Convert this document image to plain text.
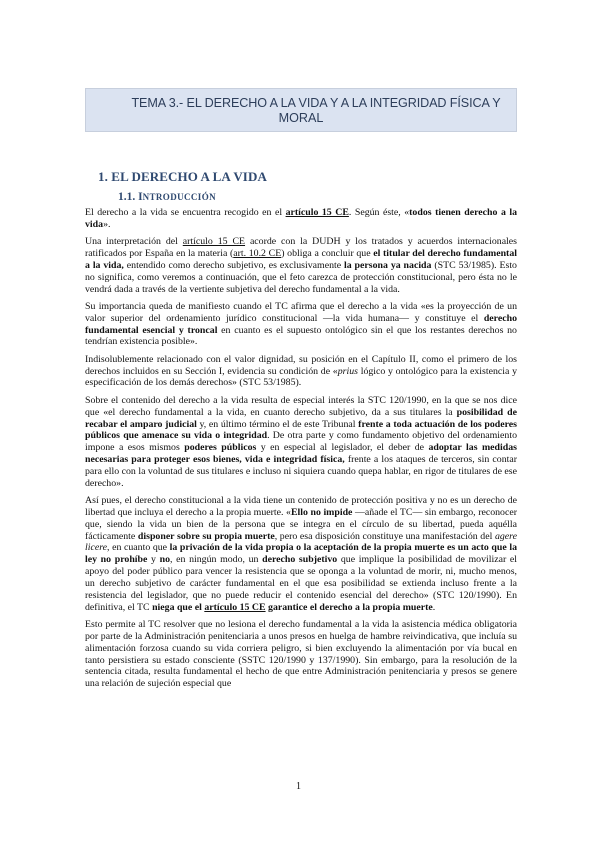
TEMA 3.- EL DERECHO A LA VIDA Y A LA INTEGRIDAD FÍSICA Y
MORAL
1. EL DERECHO A LA VIDA
1.1. INTRODUCCIÓN

El derecho a la vida se encuentra recogido en el artículo 15 CE. Según éste, «todos tienen derecho a la vida».

Una interpretación del artículo 15 CE acorde con la DUDH y los tratados y acuerdos internacionales ratificados por España en la materia (art. 10.2 CE) obliga a concluir que el titular del derecho fundamental a la vida, entendido como derecho subjetivo, es exclusivamente la persona ya nacida (STC 53/1985). Esto no significa, como veremos a continuación, que el feto carezca de protección constitucional, pero ésta no le vendrá dada a través de la vertiente subjetiva del derecho fundamental a la vida.

Su importancia queda de manifiesto cuando el TC afirma que el derecho a la vida «es la proyección de un valor superior del ordenamiento jurídico constitucional —la vida humana— y constituye el derecho fundamental esencial y troncal en cuanto es el supuesto ontológico sin el que los restantes derechos no tendrían existencia posible».

Indisolublemente relacionado con el valor dignidad, su posición en el Capítulo II, como el primero de los derechos incluidos en su Sección I, evidencia su condición de «prius lógico y ontológico para la existencia y especificación de los demás derechos» (STC 53/1985).

Sobre el contenido del derecho a la vida resulta de especial interés la STC 120/1990, en la que se nos dice que «el derecho fundamental a la vida, en cuanto derecho subjetivo, da a sus titulares la posibilidad de recabar el amparo judicial y, en último término el de este Tribunal frente a toda actuación de los poderes públicos que amenace su vida o integridad. De otra parte y como fundamento objetivo del ordenamiento impone a esos mismos poderes públicos y en especial al legislador, el deber de adoptar las medidas necesarias para proteger esos bienes, vida e integridad física, frente a los ataques de terceros, sin contar para ello con la voluntad de sus titulares e incluso ni siquiera cuando quepa hablar, en rigor de titulares de ese derecho».

Así pues, el derecho constitucional a la vida tiene un contenido de protección positiva y no es un derecho de libertad que incluya el derecho a la propia muerte. «Ello no impide —añade el TC— sin embargo, reconocer que, siendo la vida un bien de la persona que se integra en el círculo de su libertad, pueda aquélla fácticamente disponer sobre su propia muerte, pero esa disposición constituye una manifestación del agere licere, en cuanto que la privación de la vida propia o la aceptación de la propia muerte es un acto que la ley no prohíbe y no, en ningún modo, un derecho subjetivo que implique la posibilidad de movilizar el apoyo del poder público para vencer la resistencia que se oponga a la voluntad de morir, ni, mucho menos, un derecho subjetivo de carácter fundamental en el que esa posibilidad se extienda incluso frente a la resistencia del legislador, que no puede reducir el contenido esencial del derecho» (STC 120/1990). En definitiva, el TC niega que el artículo 15 CE garantice el derecho a la propia muerte.

Esto permite al TC resolver que no lesiona el derecho fundamental a la vida la asistencia médica obligatoria por parte de la Administración penitenciaria a unos presos en huelga de hambre reivindicativa, que incluía su alimentación forzosa cuando su vida corriera peligro, si bien excluyendo la alimentación por vía bucal en tanto persistiera su estado consciente (SSTC 120/1990 y 137/1990). Sin embargo, para la resolución de la sentencia citada, resulta fundamental el hecho de que entre Administración penitenciaria y presos se genere una relación de sujeción especial que

1
